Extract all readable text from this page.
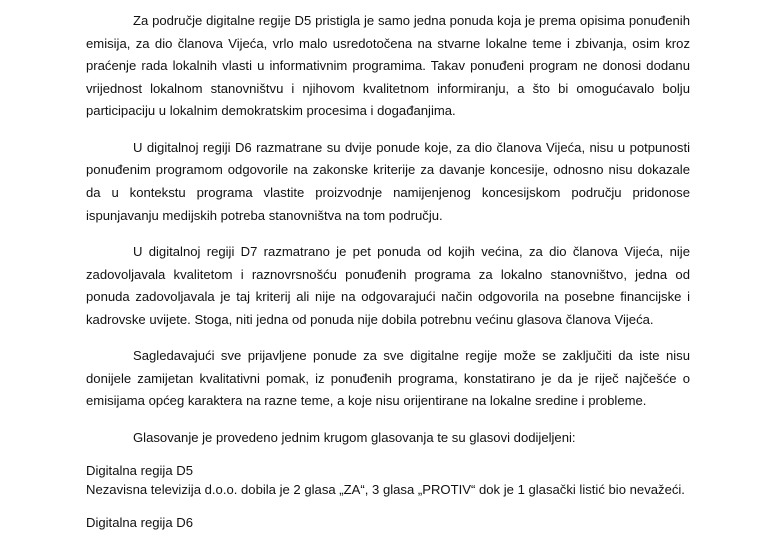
Za područje digitalne regije D5 pristigla je samo jedna ponuda koja je prema opisima ponuđenih emisija, za dio članova Vijeća, vrlo malo usredotočena na stvarne lokalne teme i zbivanja, osim kroz praćenje rada lokalnih vlasti u informativnim programima. Takav ponuđeni program ne donosi dodanu vrijednost lokalnom stanovništvu i njihovom kvalitetnom informiranju, a što bi omogućavalo bolju participaciju u lokalnim demokratskim procesima i događanjima.

U digitalnoj regiji D6 razmatrane su dvije ponude koje, za dio članova Vijeća, nisu u potpunosti ponuđenim programom odgovorile na zakonske kriterije za davanje koncesije, odnosno nisu dokazale da u kontekstu programa vlastite proizvodnje namijenjenog koncesijskom području pridonose ispunjavanju medijskih potreba stanovništva na tom području.

U digitalnoj regiji D7 razmatrano je pet ponuda od kojih većina, za dio članova Vijeća, nije zadovoljavala kvalitetom i raznovrsnošću ponuđenih programa za lokalno stanovništvo, jedna od ponuda zadovoljavala je taj kriterij ali nije na odgovarajući način odgovorila na posebne financijske i kadrovske uvijete. Stoga, niti jedna od ponuda nije dobila potrebnu većinu glasova članova Vijeća.

Sagledavajući sve prijavljene ponude za sve digitalne regije može se zaključiti da iste nisu donijele zamijetan kvalitativni pomak, iz ponuđenih programa, konstatirano je da je riječ najčešće o emisijama općeg karaktera na razne teme, a koje nisu orijentirane na lokalne sredine i probleme.

Glasovanje je provedeno jednim krugom glasovanja te su glasovi dodijeljeni:

Digitalna regija D5
Nezavisna televizija d.o.o. dobila je 2 glasa „ZA“, 3 glasa „PROTIV“ dok je 1 glasački listić bio nevažeći.
Digitalna regija D6
